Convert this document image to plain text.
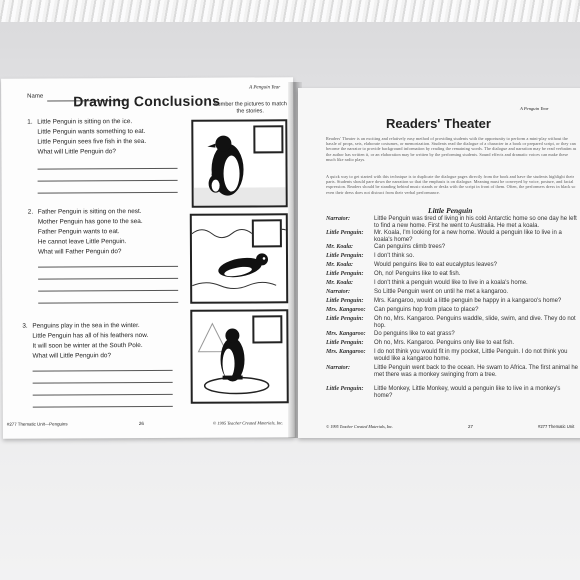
A Penguin Year
Name Drawing Conclusions
Number the pictures to match the stories.
1. Little Penguin is sitting on the ice.
Little Penguin wants something to eat.
Little Penguin sees five fish in the sea.
What will Little Penguin do?
2. Father Penguin is sitting on the nest.
Mother Penguin has gone to the sea.
Father Penguin wants to eat.
He cannot leave Little Penguin.
What will Father Penguin do?
3. Penguins play in the sea in the winter.
Little Penguin has all of his feathers now.
It will soon be winter at the South Pole.
What will Little Penguin do?
#277 Thematic Unit—Penguins	26	© 1995 Teacher Created Materials, Inc.
A Penguin Year
Readers' Theater
Readers' Theater is an exciting and relatively easy method of providing students with the opportunity to perform a mini-play without the hassle of props, sets, elaborate costumes, or memorization. Students read the dialogue of a character in a book or prepared script, or they can become the narrator to provide background information by reading the remaining words. The dialogue and narration may be read verbatim as the author has written it, or an elaboration may be written by the performing students. Sound effects and dramatic voices can make these much like radio plays.
A quick way to get started with this technique is to duplicate the dialogue pages directly from the book and have the students highlight their parts. Students should pare down the narration so that the emphasis is on dialogue. Meaning must be conveyed by voice, posture, and facial expression. Readers should be standing behind music stands or desks with the script in front of them. Often, the performers dress in black so even their dress does not distract from their verbal performance.
Little Penguin
Narrator:	Little Penguin was tired of living in his cold Antarctic home so one day he left to find a new home. First he went to Australia. He met a koala.
Little Penguin:	Mr. Koala, I'm looking for a new home. Would a penguin like to live in a koala's home?
Mr. Koala:	Can penguins climb trees?
Little Penguin:	I don't think so.
Mr. Koala:	Would penguins like to eat eucalyptus leaves?
Little Penguin:	Oh, no! Penguins like to eat fish.
Mr. Koala:	I don't think a penguin would like to live in a koala's home.
Narrator:	So Little Penguin went on until he met a kangaroo.
Little Penguin:	Mrs. Kangaroo, would a little penguin be happy in a kangaroo's home?
Mrs. Kangaroo:	Can penguins hop from place to place?
Little Penguin:	Oh no, Mrs. Kangaroo. Penguins waddle, slide, swim, and dive. They do not hop.
Mrs. Kangaroo:	Do penguins like to eat grass?
Little Penguin:	Oh no, Mrs. Kangaroo. Penguins only like to eat fish.
Mrs. Kangaroo:	I do not think you would fit in my pocket, Little Penguin. I do not think you would like a kangaroo home.
Narrator:	Little Penguin went back to the ocean. He swam to Africa. The first animal he met there was a monkey swinging from a tree.
Little Penguin:	Little Monkey, Little Monkey, would a penguin like to live in a monkey's home?
© 1995 Teacher Created Materials, Inc.	27	#277 Thematic Unit
